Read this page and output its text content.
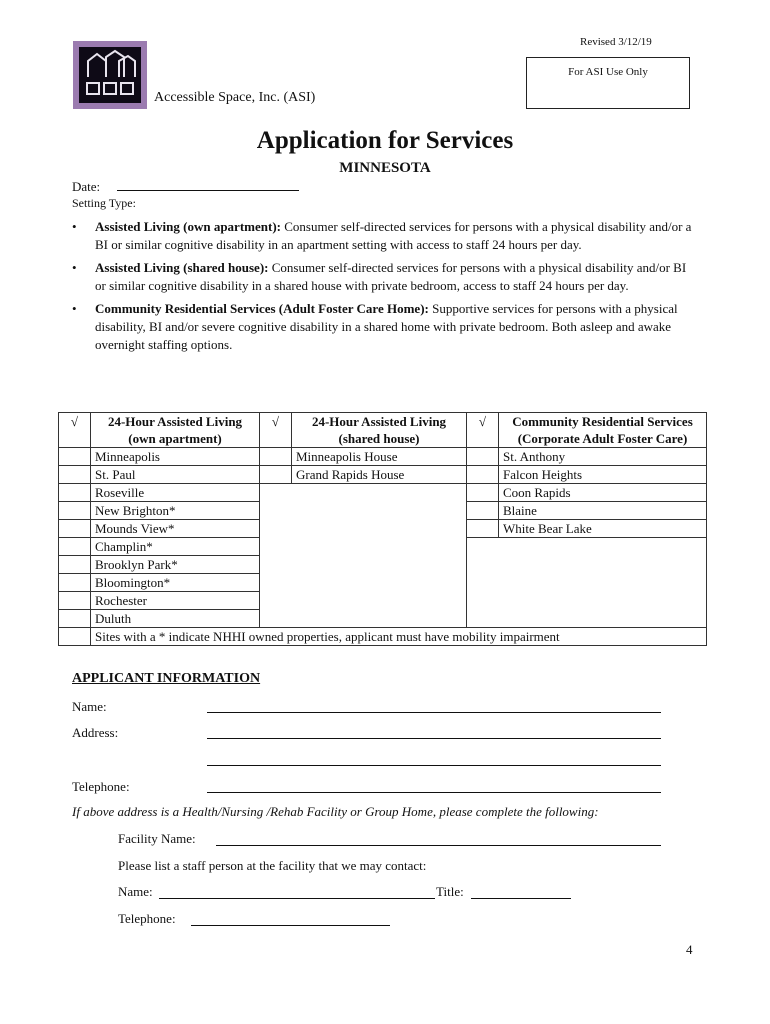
Revised 3/12/19
For ASI Use Only
Accessible Space, Inc. (ASI)
Application for Services
MINNESOTA
Date:
Setting Type:
• Assisted Living (own apartment): Consumer self-directed services for persons with a physical disability and/or a BI or similar cognitive disability in an apartment setting with access to staff 24 hours per day.
• Assisted Living (shared house): Consumer self-directed services for persons with a physical disability and/or BI or similar cognitive disability in a shared house with private bedroom, access to staff 24 hours per day.
• Community Residential Services (Adult Foster Care Home): Supportive services for persons with a physical disability, BI and/or severe cognitive disability in a shared home with private bedroom. Both asleep and awake overnight staffing options.
√	24-Hour Assisted Living (own apartment)	√	24-Hour Assisted Living (shared house)	√	Community Residential Services (Corporate Adult Foster Care)
	Minneapolis		Minneapolis House		St. Anthony
	St. Paul		Grand Rapids House		Falcon Heights
	Roseville				Coon Rapids
	New Brighton*				Blaine
	Mounds View*				White Bear Lake
	Champlin*				
	Brooklyn Park*				
	Bloomington*				
	Rochester				
	Duluth				
	Sites with a * indicate NHHI owned properties, applicant must have mobility impairment				
APPLICANT INFORMATION
Name:
Address:
Telephone:
If above address is a Health/Nursing /Rehab Facility or Group Home, please complete the following:
Facility Name:
Please list a staff person at the facility that we may contact:
Name:	Title:
Telephone:
4
